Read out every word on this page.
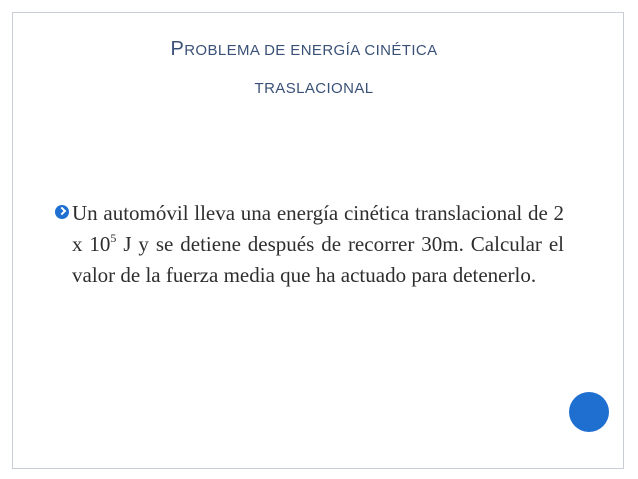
PROBLEMA DE ENERGÍA CINÉTICA
TRASLACIONAL

Un automóvil lleva una energía cinética translacional de 2 x $10^5$ J y se detiene después de recorrer 30m. Calcular el valor de la fuerza media que ha actuado para detenerlo.
